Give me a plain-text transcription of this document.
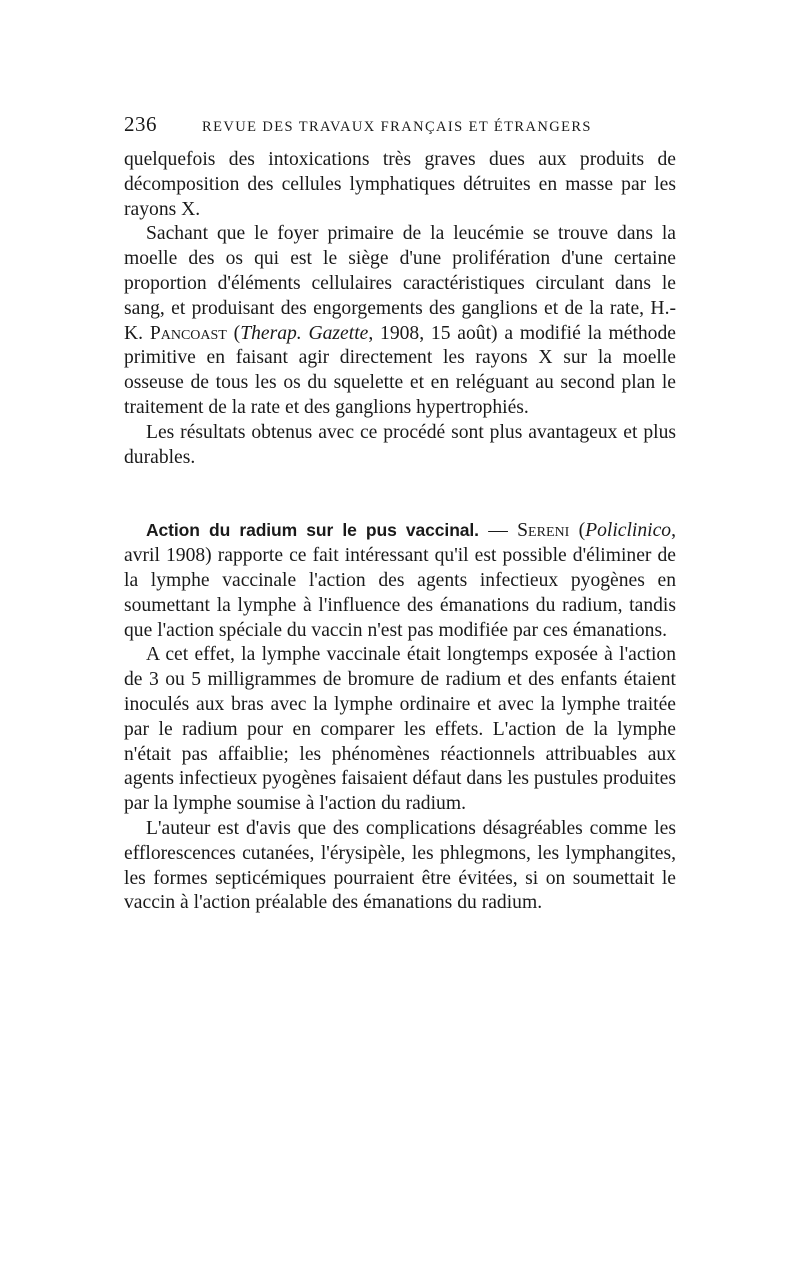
236	REVUE DES TRAVAUX FRANÇAIS ET ÉTRANGERS

quelquefois des intoxications très graves dues aux produits de décomposition des cellules lymphatiques détruites en masse par les rayons X.

Sachant que le foyer primaire de la leucémie se trouve dans la moelle des os qui est le siège d'une prolifération d'une certaine proportion d'éléments cellulaires caractéristiques circulant dans le sang, et produisant des engorgements des ganglions et de la rate, H.-K. Pancoast (Therap. Gazette, 1908, 15 août) a modifié la méthode primitive en faisant agir directement les rayons X sur la moelle osseuse de tous les os du squelette et en reléguant au second plan le traitement de la rate et des ganglions hypertrophiés.

Les résultats obtenus avec ce procédé sont plus avantageux et plus durables.

Action du radium sur le pus vaccinal. — Sereni (Policlinico, avril 1908) rapporte ce fait intéressant qu'il est possible d'éliminer de la lymphe vaccinale l'action des agents infectieux pyogènes en soumettant la lymphe à l'influence des émanations du radium, tandis que l'action spéciale du vaccin n'est pas modifiée par ces émanations.

A cet effet, la lymphe vaccinale était longtemps exposée à l'action de 3 ou 5 milligrammes de bromure de radium et des enfants étaient inoculés aux bras avec la lymphe ordinaire et avec la lymphe traitée par le radium pour en comparer les effets. L'action de la lymphe n'était pas affaiblie; les phénomènes réactionnels attribuables aux agents infectieux pyogènes faisaient défaut dans les pustules produites par la lymphe soumise à l'action du radium.

L'auteur est d'avis que des complications désagréables comme les efflorescences cutanées, l'érysipèle, les phlegmons, les lymphangites, les formes septicémiques pourraient être évitées, si on soumettait le vaccin à l'action préalable des émanations du radium.
